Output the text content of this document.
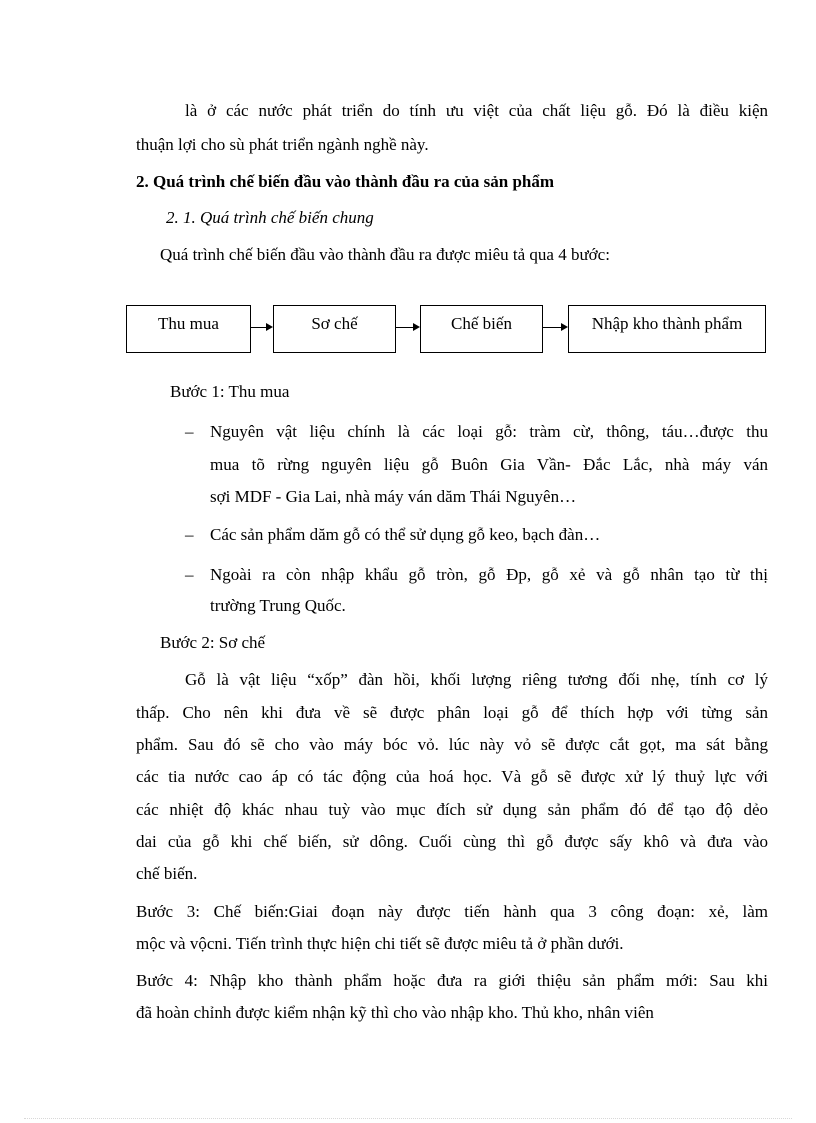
là ở các nước phát triển do tính ưu việt của chất liệu gỗ. Đó là điều kiện
thuận lợi cho sù phát triển ngành nghề này.
2. Quá trình chế biến đầu vào thành đầu ra của sản phẩm
2. 1. Quá trình chế biến chung
Quá trình chế biến đầu vào thành đầu ra được miêu tả qua 4 bước:
Thu mua	Sơ chế	Chế biến	Nhập kho thành phẩm
Bước 1: Thu mua
– Nguyên vật liệu chính là các loại gỗ: tràm cừ, thông, táu…được thu
mua tõ rừng nguyên liệu gỗ Buôn Gia Vần- Đắc Lắc, nhà máy ván
sợi MDF - Gia Lai, nhà máy ván dăm Thái Nguyên…
– Các sản phẩm dăm gỗ có thể sử dụng gỗ keo, bạch đàn…
– Ngoài ra còn nhập khẩu gỗ tròn, gỗ Đp, gỗ xẻ và gỗ nhân tạo từ thị
trường Trung Quốc.
Bước 2: Sơ chế
Gỗ là vật liệu “xốp” đàn hồi, khối lượng riêng tương đối nhẹ, tính cơ lý
thấp. Cho nên khi đưa về sẽ được phân loại gỗ để thích hợp với từng sản
phẩm. Sau đó sẽ cho vào máy bóc vỏ. lúc này vỏ sẽ được cắt gọt, ma sát bằng
các tia nước cao áp có tác động của hoá học. Và gỗ sẽ được xử lý thuỷ lực với
các nhiệt độ khác nhau tuỳ vào mục đích sử dụng sản phẩm đó để tạo độ dẻo
dai của gỗ khi chế biến, sử dông. Cuối cùng thì gỗ được sấy khô và đưa vào
chế biến.
Bước 3: Chế biến:Giai đoạn này được tiến hành qua 3 công đoạn: xẻ, làm
mộc và vộcni. Tiến trình thực hiện chi tiết sẽ được miêu tả ở phần dưới.
Bước 4: Nhập kho thành phẩm hoặc đưa ra giới thiệu sản phẩm mới: Sau khi
đã hoàn chỉnh được kiểm nhận kỹ thì cho vào nhập kho. Thủ kho, nhân viên
